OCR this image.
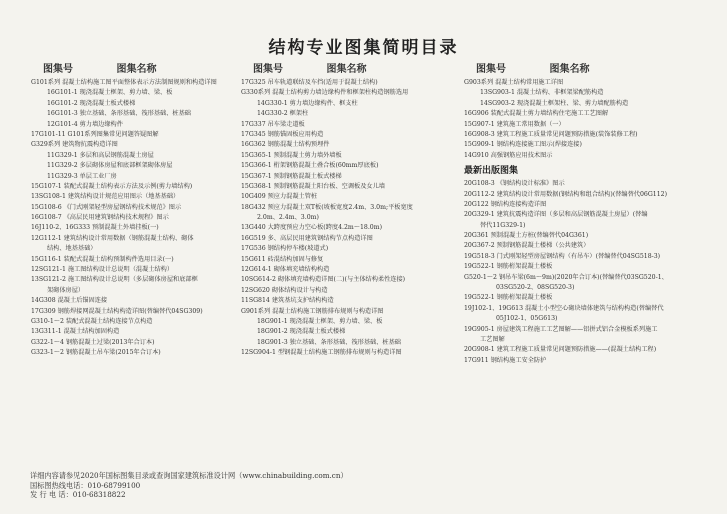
结构专业图集简明目录
图集号	图集名称
G101系列 混凝土结构施工图平面整体表示方法制图规则和构造详图
16G101-1 现浇混凝土框架、剪力墙、梁、板
16G101-2 现浇混凝土板式楼梯
16G101-3 独立基础、条形基础、筏形基础、桩基础
12G101-4 剪力墙边缘构件
17G101-11 G101系列图集常见问题答疑图解
G329系列 建筑物抗震构造详图
11G329-1 多层和高层钢筋混凝土房屋
11G329-2 多层砌体房屋和底部框架砌体房屋
11G329-3 单层工业厂房
15G107-1 装配式混凝土结构表示方法及示例(剪力墙结构)
13SG108-1 建筑结构设计规范应用图示（地基基础）
15G108-6 《门式刚架轻型房屋钢结构技术规范》图示
16G108-7 《高层民用建筑钢结构技术规程》图示
16J110-2、16G333 预制混凝土外墙挂板(一)
12G112-1 建筑结构设计常用数据（钢筋混凝土结构、砌体
结构、地基基础）
15G116-1 装配式混凝土结构预制构件选用目录(一)
12SG121-1 施工图结构设计总说明（混凝土结构）
13SG121-2 施工图结构设计总说明（多层砌体房屋和底部框
架砌体房屋）
14G308 混凝土后锚固连接
17G309 钢筋焊接网混凝土结构构造详图(替编替代04SG309)
G310-1～2 装配式混凝土结构连接节点构造
13G311-1 混凝土结构加固构造
G322-1～4 钢筋混凝土过梁(2013年合订本)
G323-1～2 钢筋混凝土吊车梁(2015年合订本)
图集号	图集名称
17G325 吊车轨道联结及车挡(适用于混凝土结构)
G330系列 混凝土结构剪力墙边缘构件和框架柱构造钢筋选用
14G330-1 剪力墙边缘构件、框支柱
14G330-2 框架柱
17G337 吊车梁走道板
17G345 钢筋锚固板应用构造
16G362 钢筋混凝土结构预埋件
15G365-1 预制混凝土剪力墙外墙板
15G366-1 桁架钢筋混凝土叠合板(60mm厚底板)
15G367-1 预制钢筋混凝土板式楼梯
15G368-1 预制钢筋混凝土阳台板、空调板及女儿墙
10G409 预应力混凝土管桩
18G432 预应力混凝土双T板(坡板宽度2.4m、3.0m;平板宽度
2.0m、2.4m、3.0m)
13G440 大跨度预应力空心板(跨度4.2m～18.0m)
16G519 多、高层民用建筑钢结构节点构造详图
17G536 钢结构停车楼(坡道式)
15G611 砖混结构加固与修复
12G614-1 砌体填充墙结构构造
10SG614-2 砌体填充墙构造详图(二)(与主体结构柔性连接)
12SG620 砌体结构设计与构造
11SG814 建筑基坑支护结构构造
G901系列 混凝土结构施工钢筋排布规则与构造详图
18G901-1 现浇混凝土框架、剪力墙、梁、板
18G901-2 现浇混凝土板式楼梯
18G901-3 独立基础、条形基础、筏形基础、桩基础
12SG904-1 型钢混凝土结构施工钢筋排布规则与构造详图
图集号	图集名称
G903系列 混凝土结构常用施工详图
13SG903-1 混凝土结构、非框架梁配筋构造
14SG903-2 现浇混凝土框架柱、梁、剪力墙配筋构造
16G906 装配式混凝土剪力墙结构住宅施工工艺图解
15G907-1 建筑施工常用数据（一）
16G908-3 建筑工程施工质量常见问题预防措施(装饰装修工程)
15G909-1 钢结构连接施工图示(焊接连接)
14G910 高强钢筋应用技术图示
最新出版图集
20G108-3 《钢结构设计标准》图示
20G112-2 建筑结构设计常用数据(钢结构和组合结构)(替编替代06G112)
20G122 钢结构连接构造详图
20G329-1 建筑抗震构造详图（多层和高层钢筋混凝土房屋）(替编
替代11G329-1)
20G361 预制混凝土方桩(替编替代04G361)
20G367-2 预制钢筋混凝土楼梯（公共建筑）
19G518-3 门式刚架轻型房屋钢结构（有吊车）(替编替代04SG518-3)
19G522-1 钢筋桁架混凝土楼板
G520-1～2 钢吊车梁(6m～9m)(2020年合订本)(替编替代03SG520-1、
03SG520-2、08SG520-3)
19G522-1 钢筋桁架混凝土楼板
19J102-1、19G613 混凝土小型空心砌块墙体建筑与结构构造(替编替代
05J102-1、05G613)
19G905-1 房屋建筑工程施工工艺图解——铝拼式铝合金模板系列施工
工艺图解
20G908-1 建筑工程施工质量常见问题预防措施——(混凝土结构工程)
17G911 钢结构施工安全防护
详细内容请参见2020年国标图集目录或查询国家建筑标准设计网（www.chinabuilding.com.cn）
国标图热线电话：010-68799100
发 行 电 话：010-68318822
